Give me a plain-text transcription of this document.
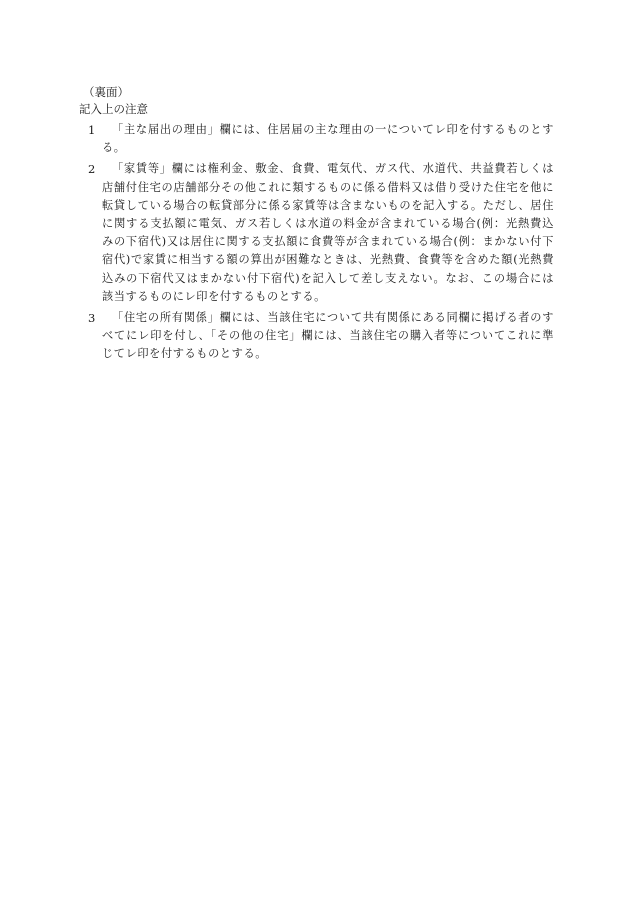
（裏面）
記入上の注意
1	「主な届出の理由」欄には、住居届の主な理由の一についてレ印を付するものとする。
2	「家賃等」欄には権利金、敷金、食費、電気代、ガス代、水道代、共益費若しくは店舗付住宅の店舗部分その他これに類するものに係る借料又は借り受けた住宅を他に転貸している場合の転貸部分に係る家賃等は含まないものを記入する。ただし、居住に関する支払額に電気、ガス若しくは水道の料金が含まれている場合(例：光熱費込みの下宿代)又は居住に関する支払額に食費等が含まれている場合(例：まかない付下宿代)で家賃に相当する額の算出が困難なときは、光熱費、食費等を含めた額(光熱費込みの下宿代又はまかない付下宿代)を記入して差し支えない。なお、この場合には該当するものにレ印を付するものとする。
3	「住宅の所有関係」欄には、当該住宅について共有関係にある同欄に掲げる者のすべてにレ印を付し、「その他の住宅」欄には、当該住宅の購入者等についてこれに準じてレ印を付するものとする。
